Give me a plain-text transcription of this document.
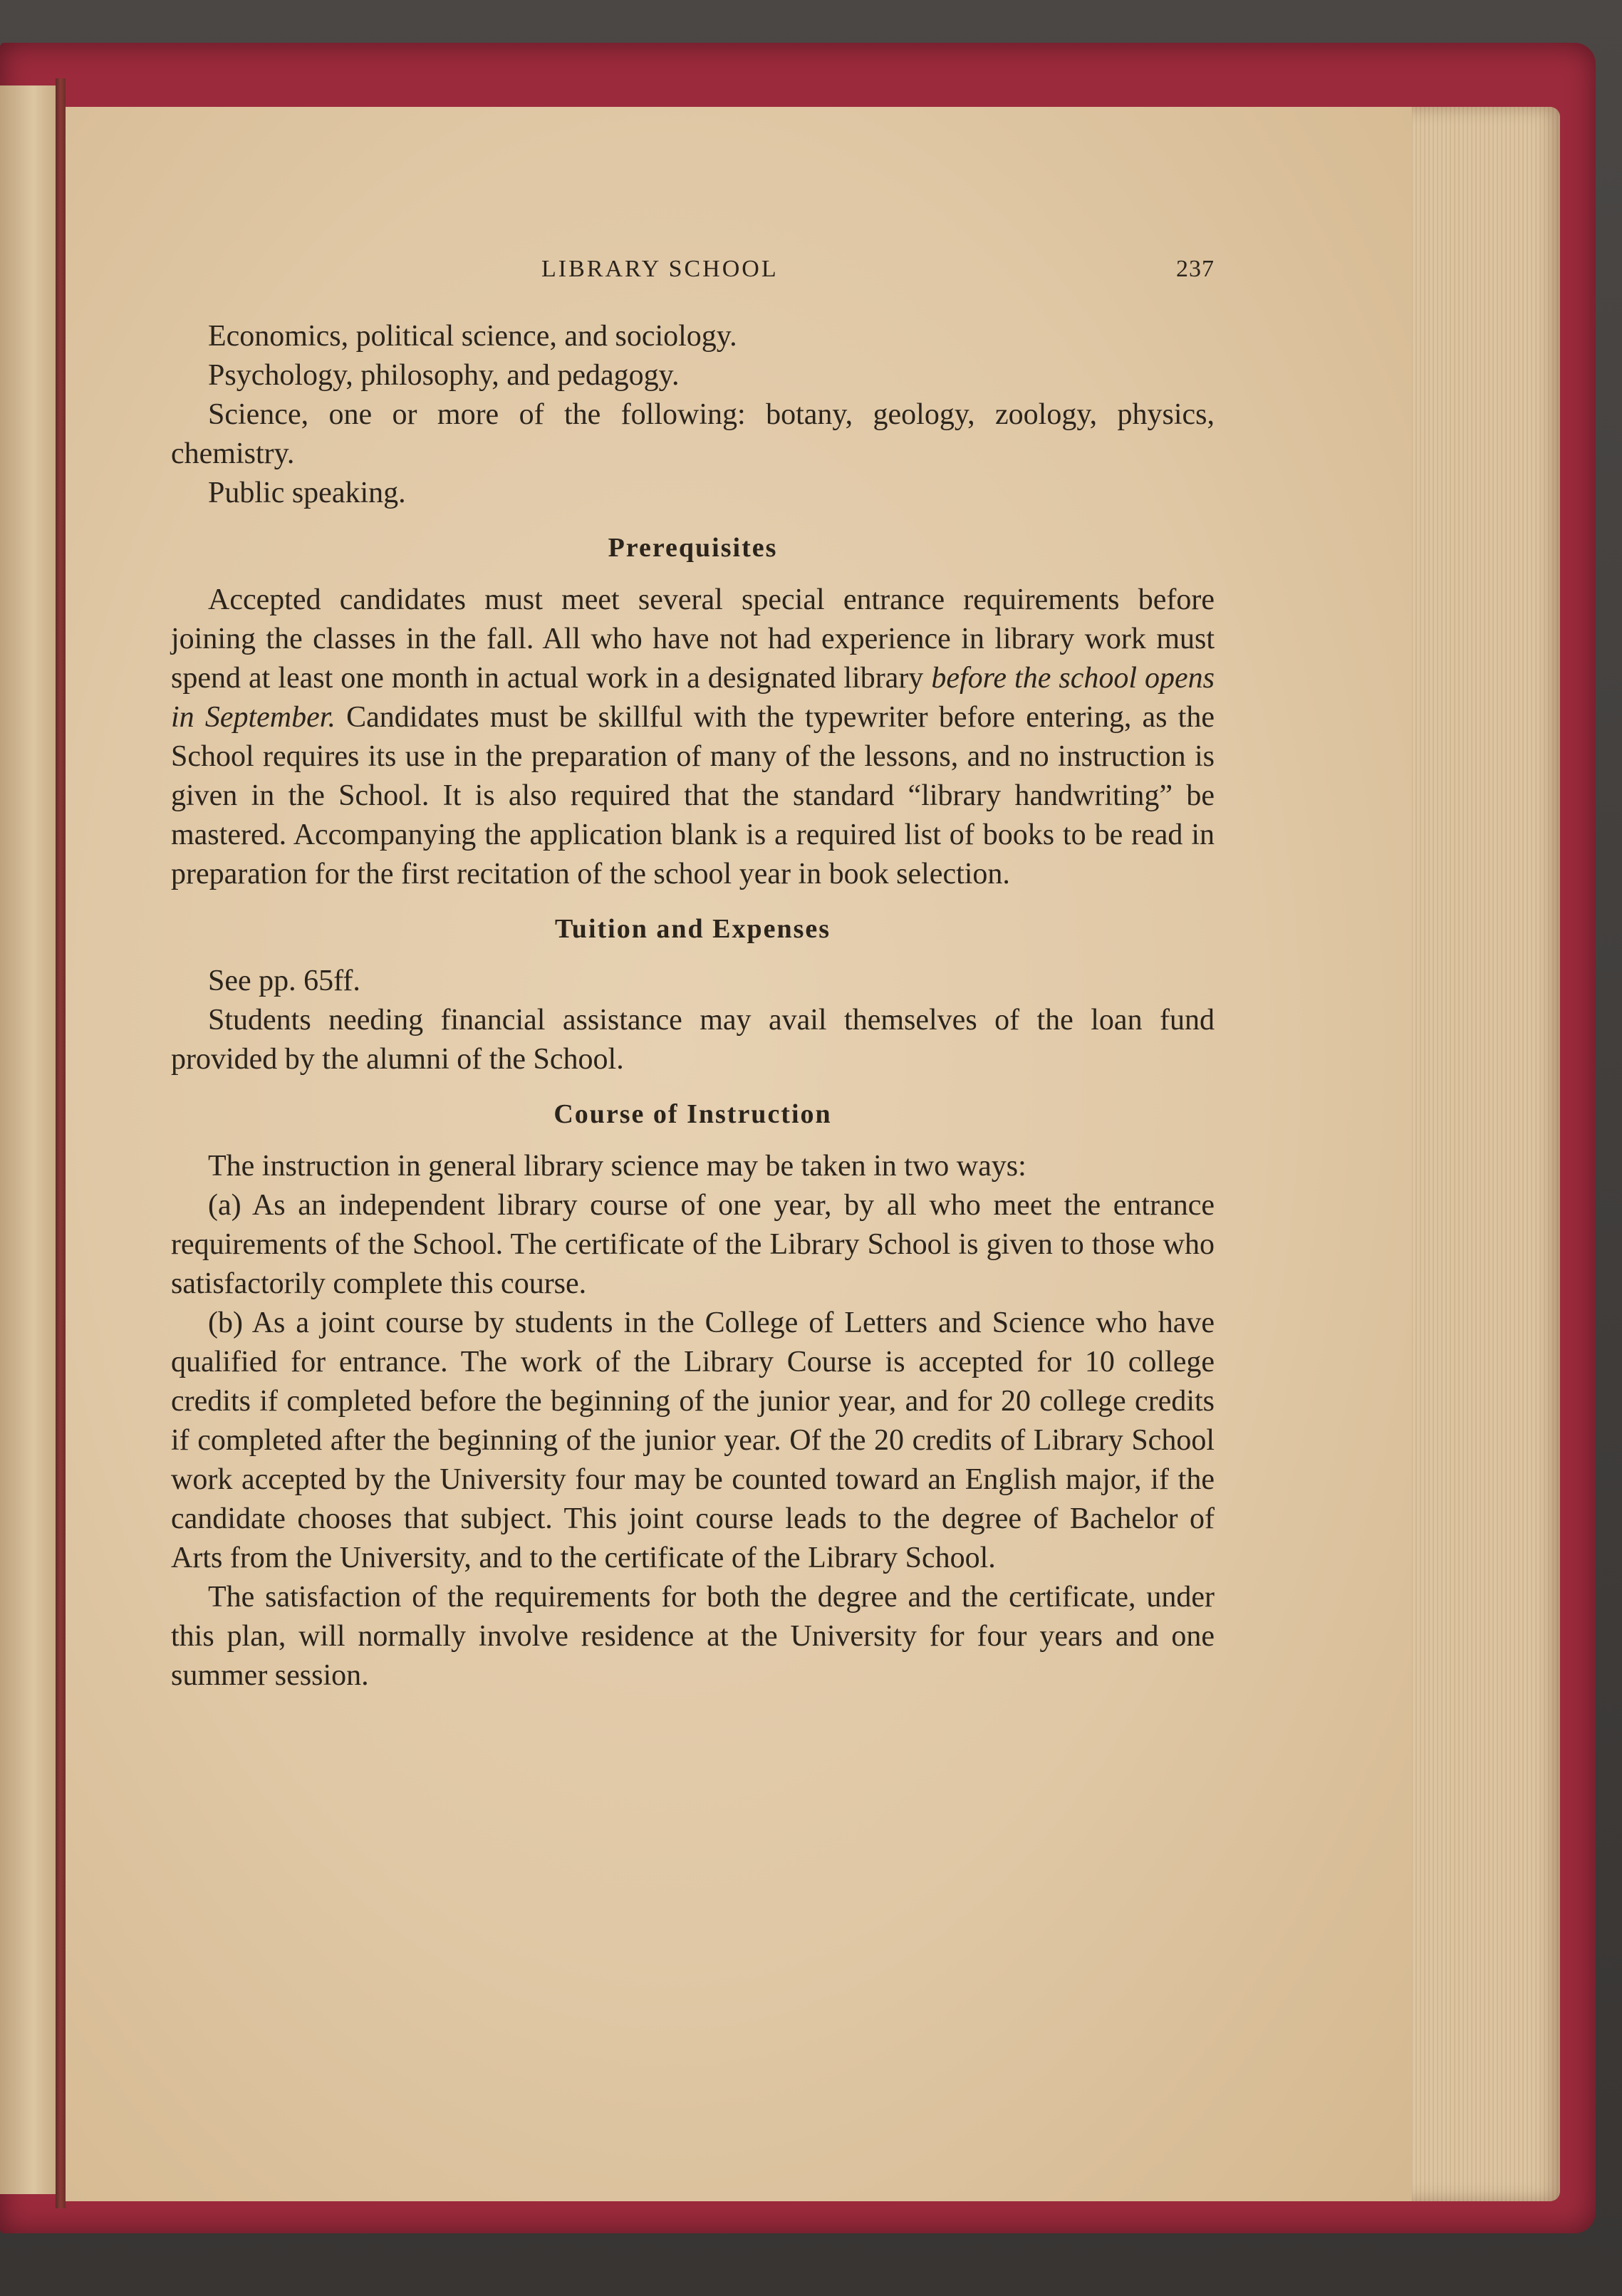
LIBRARY SCHOOL	237

Economics, political science, and sociology.

Psychology, philosophy, and pedagogy.

Science, one or more of the following: botany, geology, zoology, physics, chemistry.

Public speaking.

Prerequisites

Accepted candidates must meet several special entrance requirements before joining the classes in the fall. All who have not had experience in library work must spend at least one month in actual work in a designated library before the school opens in September. Candidates must be skillful with the typewriter before entering, as the School requires its use in the preparation of many of the lessons, and no instruction is given in the School. It is also required that the standard “library handwriting” be mastered. Accompanying the application blank is a required list of books to be read in preparation for the first recitation of the school year in book selection.

Tuition and Expenses

See pp. 65ff.

Students needing financial assistance may avail themselves of the loan fund provided by the alumni of the School.

Course of Instruction

The instruction in general library science may be taken in two ways:

(a) As an independent library course of one year, by all who meet the entrance requirements of the School. The certificate of the Library School is given to those who satisfactorily complete this course.

(b) As a joint course by students in the College of Letters and Science who have qualified for entrance. The work of the Library Course is accepted for 10 college credits if completed before the beginning of the junior year, and for 20 college credits if completed after the beginning of the junior year. Of the 20 credits of Library School work accepted by the University four may be counted toward an English major, if the candidate chooses that subject. This joint course leads to the degree of Bachelor of Arts from the University, and to the certificate of the Library School.

The satisfaction of the requirements for both the degree and the certificate, under this plan, will normally involve residence at the University for four years and one summer session.
